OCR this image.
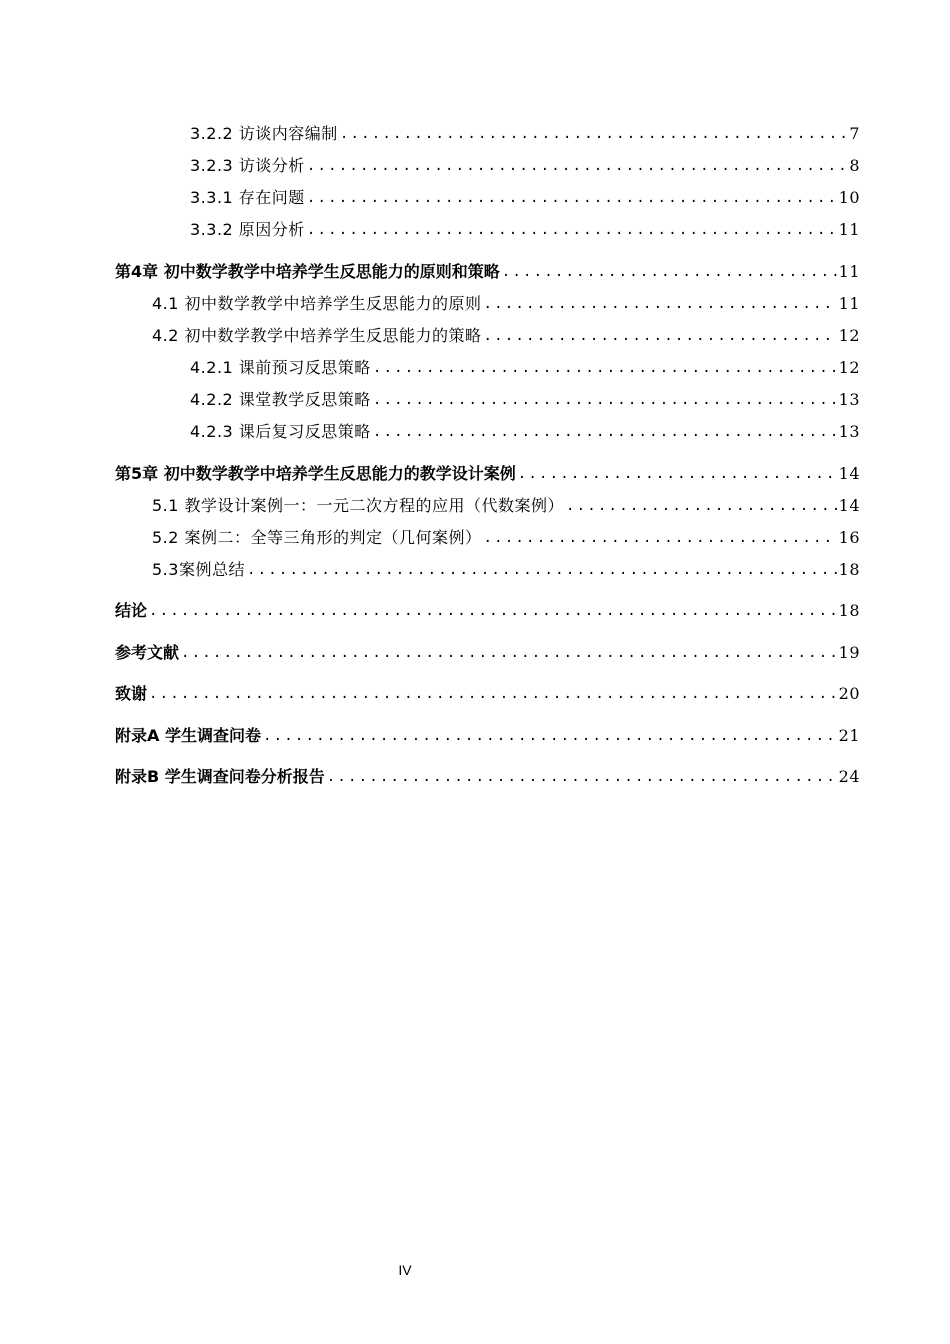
3.2.2 访谈内容编制 .....	7
3.2.3 访谈分析 .....	8
3.3.1 存在问题 .....	10
3.3.2 原因分析 .....	11
第4章 初中数学教学中培养学生反思能力的原则和策略 .....	11
4.1 初中数学教学中培养学生反思能力的原则 .....	11
4.2 初中数学教学中培养学生反思能力的策略 .....	12
4.2.1 课前预习反思策略 .....	12
4.2.2 课堂教学反思策略 .....	13
4.2.3 课后复习反思策略 .....	13
第5章 初中数学教学中培养学生反思能力的教学设计案例 .....	14
5.1 教学设计案例一：一元二次方程的应用（代数案例） .....	14
5.2 案例二：全等三角形的判定（几何案例） .....	16
5.3案例总结 .....	18
结论 .....	18
参考文献 .....	19
致谢 .....	20
附录A 学生调查问卷 .....	21
附录B 学生调查问卷分析报告 .....	24
IV
